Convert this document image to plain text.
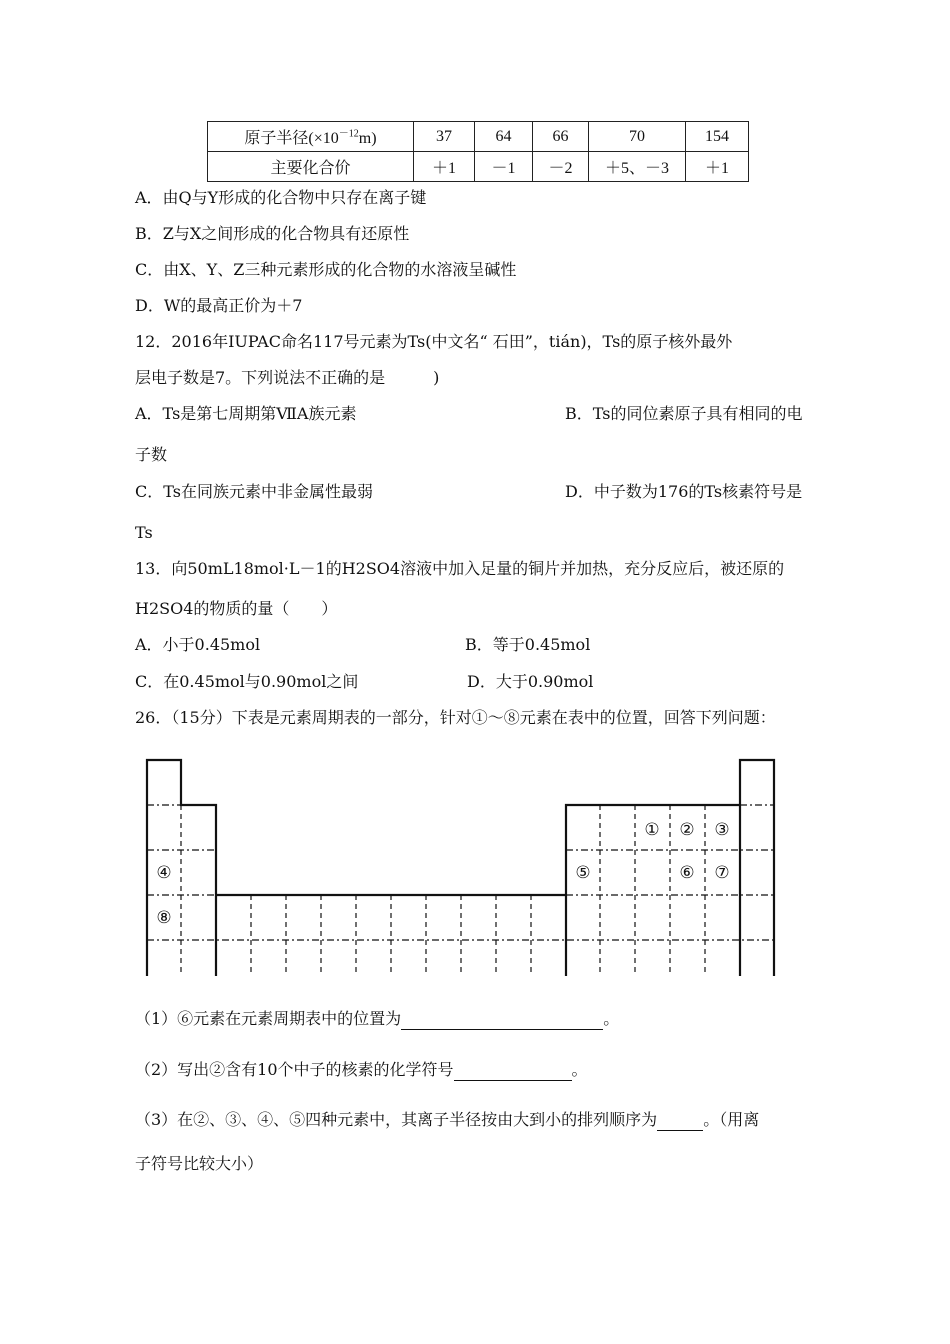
原子半径$(\times 10^{-12}m)$	37	64	66	70	154
主要化合价	＋1	－1	－2	＋5、－3	＋1
A．由Q与Y形成的化合物中只存在离子键
B．Z与X之间形成的化合物具有还原性
C．由X、Y、Z三种元素形成的化合物的水溶液呈碱性
D．W的最高正价为＋7
12．2016年IUPAC命名117号元素为Ts(中文名“ 石田”，tián)，Ts的原子核外最外
层电子数是7。下列说法不正确的是　　　)
A．Ts是第七周期第ⅦA族元素	B．Ts的同位素原子具有相同的电
子数
C．Ts在同族元素中非金属性最弱	D．中子数为176的Ts核素符号是
Ts
13．向50mL18mol·L－1的H2SO4溶液中加入足量的铜片并加热，充分反应后，被还原的
H2SO4的物质的量（　　）
A．小于0.45mol	B．等于0.45mol
C．在0.45mol与0.90mol之间	D．大于0.90mol
26．（15分）下表是元素周期表的一部分，针对①～⑧元素在表中的位置，回答下列问题：
① ② ③
④	⑤	⑥ ⑦
⑧
（1）⑥元素在元素周期表中的位置为	。
（2）写出②含有10个中子的核素的化学符号	。
（3）在②、③、④、⑤四种元素中，其离子半径按由大到小的排列顺序为	。（用离
子符号比较大小）
